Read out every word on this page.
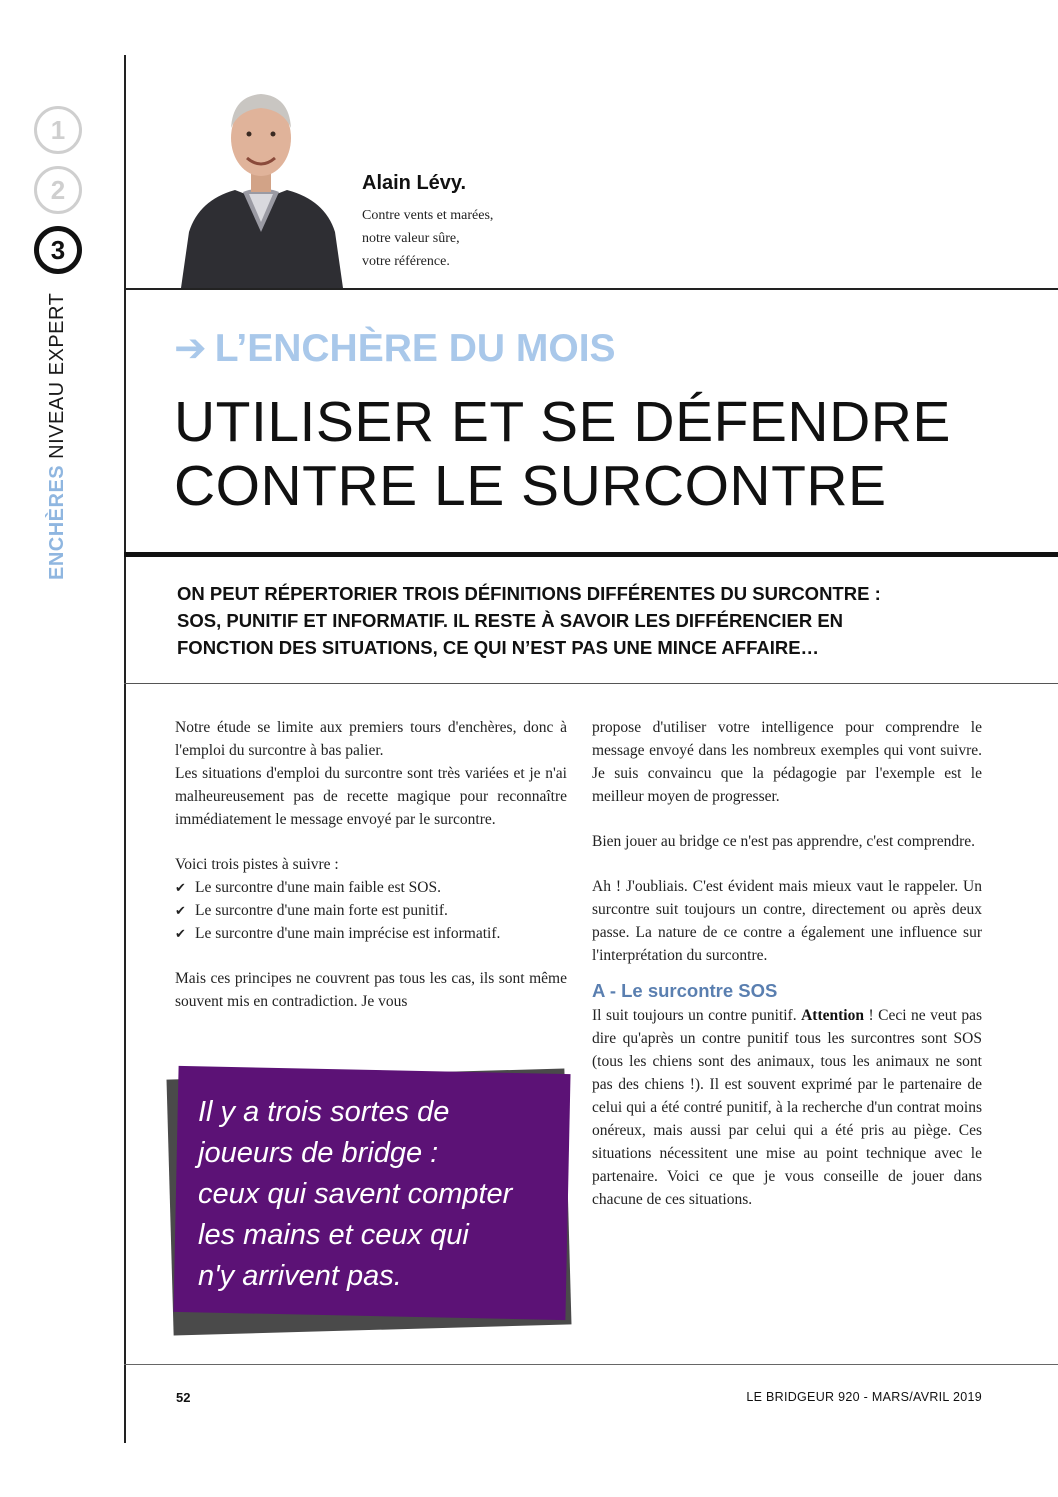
1
2
3
ENCHÈRESNIVEAU EXPERT
Alain Lévy.
Contre vents et marées,
notre valeur sûre,
votre référence.
➔ L’ENCHÈRE DU MOIS
UTILISER ET SE DÉFENDRE
CONTRE LE SURCONTRE
ON PEUT RÉPERTORIER TROIS DÉFINITIONS DIFFÉRENTES DU SURCONTRE :
SOS, PUNITIF ET INFORMATIF. IL RESTE À SAVOIR LES DIFFÉRENCIER EN
FONCTION DES SITUATIONS, CE QUI N’EST PAS UNE MINCE AFFAIRE…

Notre étude se limite aux premiers tours d'enchères, donc à l'emploi du surcontre à bas palier.

Les situations d'emploi du surcontre sont très variées et je n'ai malheureusement pas de recette magique pour reconnaître immédiatement le message envoyé par le surcontre.

Voici trois pistes à suivre :

✔ Le surcontre d'une main faible est SOS.
✔ Le surcontre d'une main forte est punitif.
✔ Le surcontre d'une main imprécise est informatif.

Mais ces principes ne couvrent pas tous les cas, ils sont même souvent mis en contradiction. Je vous

Il y a trois sortes de
joueurs de bridge :
ceux qui savent compter
les mains et ceux qui
n'y arrivent pas.

propose d'utiliser votre intelligence pour comprendre le message envoyé dans les nombreux exemples qui vont suivre. Je suis convaincu que la pédagogie par l'exemple est le meilleur moyen de progresser.

Bien jouer au bridge ce n'est pas apprendre, c'est comprendre.

Ah ! J'oubliais. C'est évident mais mieux vaut le rappeler. Un surcontre suit toujours un contre, directement ou après deux passe. La nature de ce contre a également une influence sur l'interprétation du surcontre.

A - Le surcontre SOS

Il suit toujours un contre punitif. Attention ! Ceci ne veut pas dire qu'après un contre punitif tous les surcontres sont SOS (tous les chiens sont des animaux, tous les animaux ne sont pas des chiens !). Il est souvent exprimé par le partenaire de celui qui a été contré punitif, à la recherche d'un contrat moins onéreux, mais aussi par celui qui a été pris au piège. Ces situations nécessitent une mise au point technique avec le partenaire. Voici ce que je vous conseille de jouer dans chacune de ces situations.

52	LE BRIDGEUR 920 - MARS/AVRIL 2019
